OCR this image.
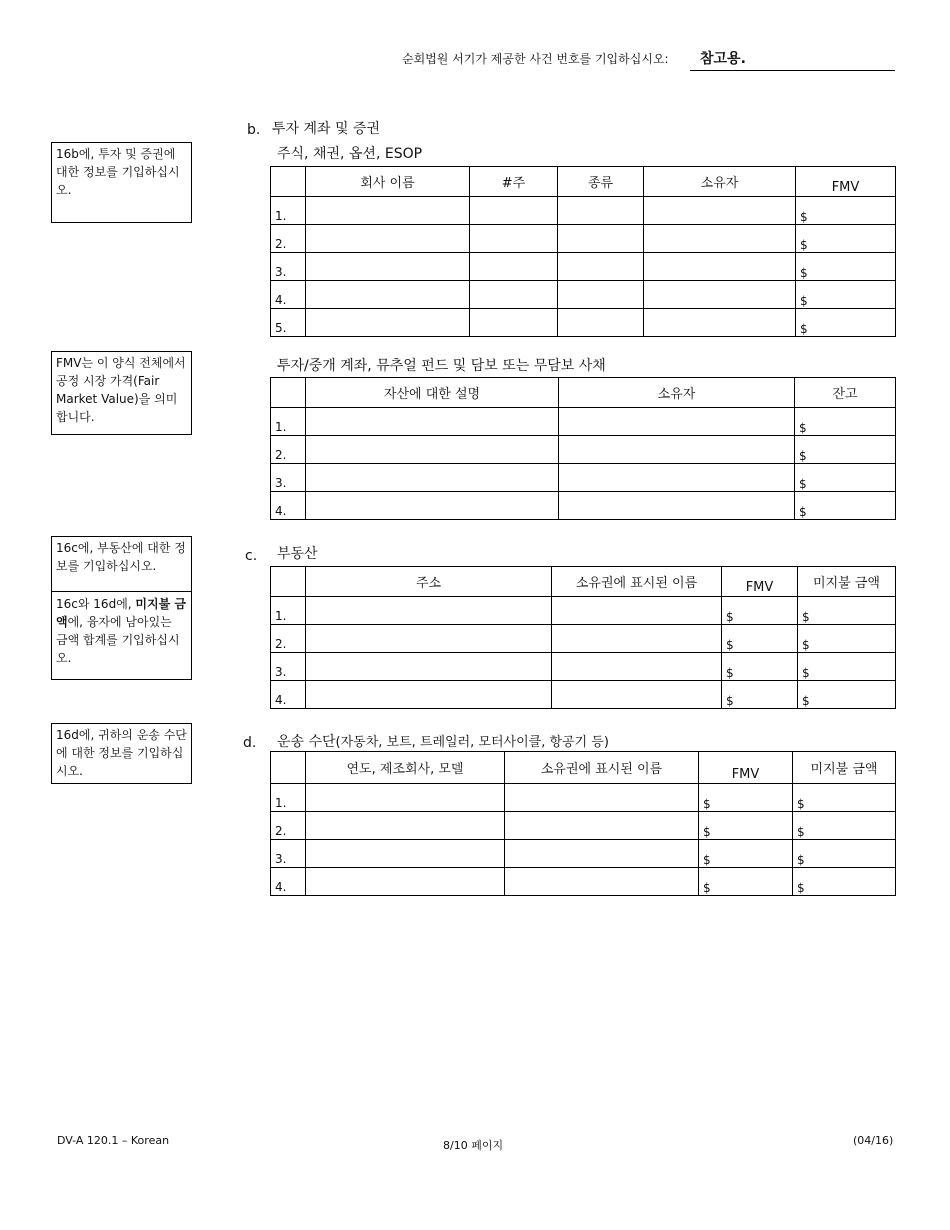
순회법원 서기가 제공한 사건 번호를 기입하십시오: 참고용.
16b에, 투자 및 증권에 대한 정보를 기입하십시오.
FMV는 이 양식 전체에서 공정 시장 가격(Fair Market Value)을 의미합니다.
16c에, 부동산에 대한 정보를 기입하십시오.
16c와 16d에, 미지불 금액에, 융자에 남아있는 금액 합계를 기입하십시오.
16d에, 귀하의 운송 수단에 대한 정보를 기입하십시오.
b. 투자 계좌 및 증권
주식, 채권, 옵션, ESOP
	회사 이름	#주	종류	소유자	FMV
1.					$
2.					$
3.					$
4.					$
5.					$
투자/중개 계좌, 뮤추얼 펀드 및 담보 또는 무담보 사채
	자산에 대한 설명	소유자	잔고
1.			$
2.			$
3.			$
4.			$
c. 부동산
	주소	소유권에 표시된 이름	FMV	미지불 금액
1.			$	$
2.			$	$
3.			$	$
4.			$	$
d. 운송 수단(자동차, 보트, 트레일러, 모터사이클, 항공기 등)
	연도, 제조회사, 모델	소유권에 표시된 이름	FMV	미지불 금액
1.			$	$
2.			$	$
3.			$	$
4.			$	$
DV-A 120.1 – Korean	8/10 페이지	(04/16)
